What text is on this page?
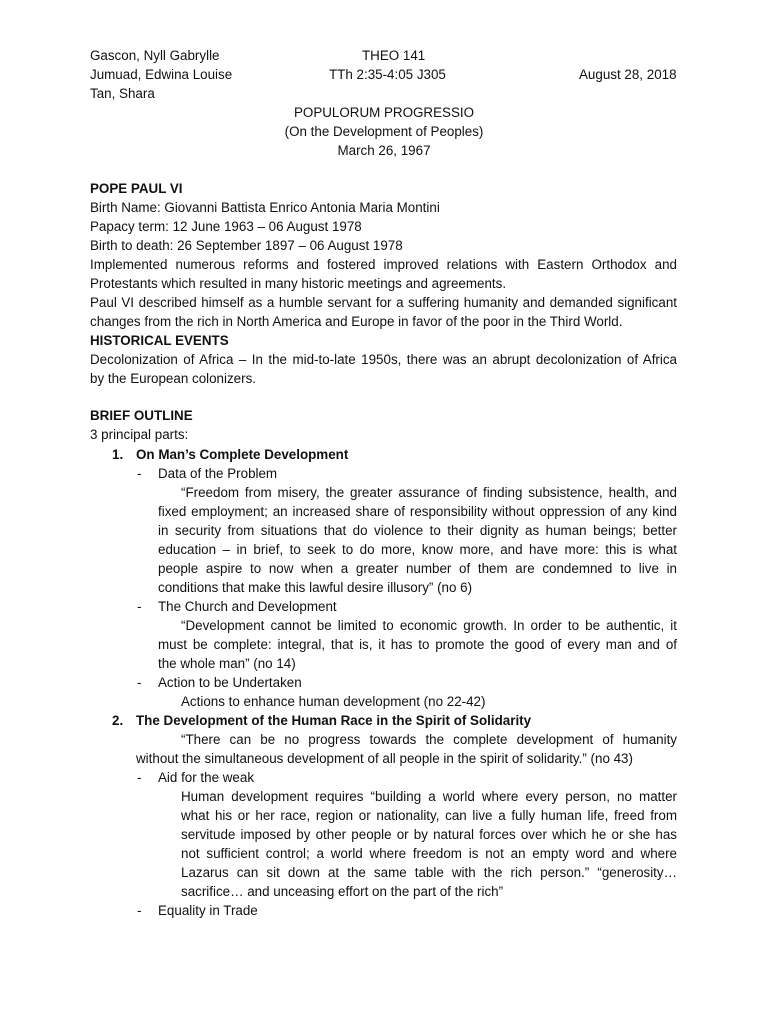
Gascon, Nyll Gabrylle
Jumuad, Edwina Louise
Tan, Shara
THEO 141
TTh 2:35-4:05 J305	August 28, 2018
POPULORUM PROGRESSIO
(On the Development of Peoples)
March 26, 1967
POPE PAUL VI
Birth Name: Giovanni Battista Enrico Antonia Maria Montini
Papacy term: 12 June 1963 – 06 August 1978
Birth to death: 26 September 1897 – 06 August 1978
Implemented numerous reforms and fostered improved relations with Eastern Orthodox and
Protestants which resulted in many historic meetings and agreements.
Paul VI described himself as a humble servant for a suffering humanity and demanded significant
changes from the rich in North America and Europe in favor of the poor in the Third World.
HISTORICAL EVENTS
Decolonization of Africa – In the mid-to-late 1950s, there was an abrupt decolonization of Africa
by the European colonizers.
BRIEF OUTLINE
3 principal parts:
1. On Man’s Complete Development
- Data of the Problem
“Freedom from misery, the greater assurance of finding subsistence, health, and
fixed employment; an increased share of responsibility without oppression of any kind
in security from situations that do violence to their dignity as human beings; better
education – in brief, to seek to do more, know more, and have more: this is what
people aspire to now when a greater number of them are condemned to live in
conditions that make this lawful desire illusory” (no 6)
- The Church and Development
“Development cannot be limited to economic growth. In order to be authentic, it
must be complete: integral, that is, it has to promote the good of every man and of
the whole man” (no 14)
- Action to be Undertaken
Actions to enhance human development (no 22-42)
2. The Development of the Human Race in the Spirit of Solidarity
“There can be no progress towards the complete development of humanity
without the simultaneous development of all people in the spirit of solidarity.” (no 43)
- Aid for the weak
Human development requires “building a world where every person, no matter
what his or her race, region or nationality, can live a fully human life, freed from
servitude imposed by other people or by natural forces over which he or she has
not sufficient control; a world where freedom is not an empty word and where
Lazarus can sit down at the same table with the rich person.” “generosity…
sacrifice… and unceasing effort on the part of the rich”
- Equality in Trade
